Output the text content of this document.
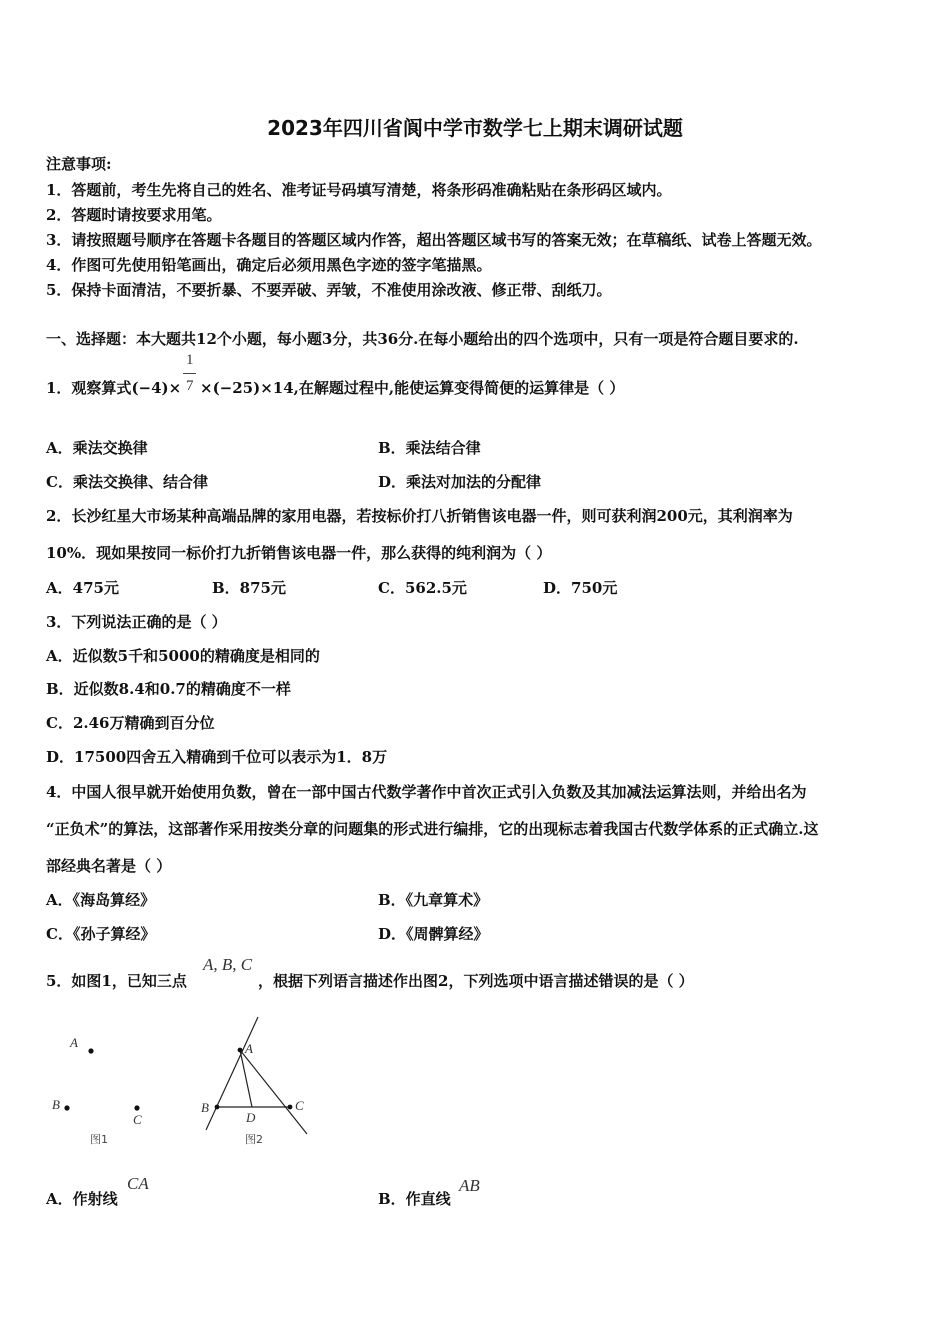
2023年四川省阆中学市数学七上期末调研试题
注意事项:
1．答题前，考生先将自己的姓名、准考证号码填写清楚，将条形码准确粘贴在条形码区域内。
2．答题时请按要求用笔。
3．请按照题号顺序在答题卡各题目的答题区域内作答，超出答题区域书写的答案无效；在草稿纸、试卷上答题无效。
4．作图可先使用铅笔画出，确定后必须用黑色字迹的签字笔描黑。
5．保持卡面清洁，不要折暴、不要弄破、弄皱，不准使用涂改液、修正带、刮纸刀。
一、选择题：本大题共12个小题，每小题3分，共36分.在每小题给出的四个选项中，只有一项是符合题目要求的.
1．观察算式(−4)×
1
7 ×(−25)×14,在解题过程中,能使运算变得简便的运算律是（ ）
A．乘法交换律	B．乘法结合律
C．乘法交换律、结合律	D．乘法对加法的分配律
2．长沙红星大市场某种高端品牌的家用电器，若按标价打八折销售该电器一件，则可获利润200元，其利润率为
10%．现如果按同一标价打九折销售该电器一件，那么获得的纯利润为（ ）
A．475元	B．875元	C．562.5元	D．750元
3．下列说法正确的是（ ）
A．近似数5千和5000的精确度是相同的
B．近似数8.4和0.7的精确度不一样
C．2.46万精确到百分位
D．17500四舍五入精确到千位可以表示为1．8万
4．中国人很早就开始使用负数，曾在一部中国古代数学著作中首次正式引入负数及其加减法运算法则，并给出名为
“正负术”的算法，这部著作采用按类分章的问题集的形式进行编排，它的出现标志着我国古代数学体系的正式确立.这
部经典名著是（ ）
A．《海岛算经》	B．《九章算术》
C．《孙子算经》	D．《周髀算经》
5．如图1，已知三点
A, B, C
，根据下列语言描述作出图2，下列选项中语言描述错误的是（ ）
A
B
C
图1
A
B	C
D
图2
A．作射线
CA
B．作直线
AB
